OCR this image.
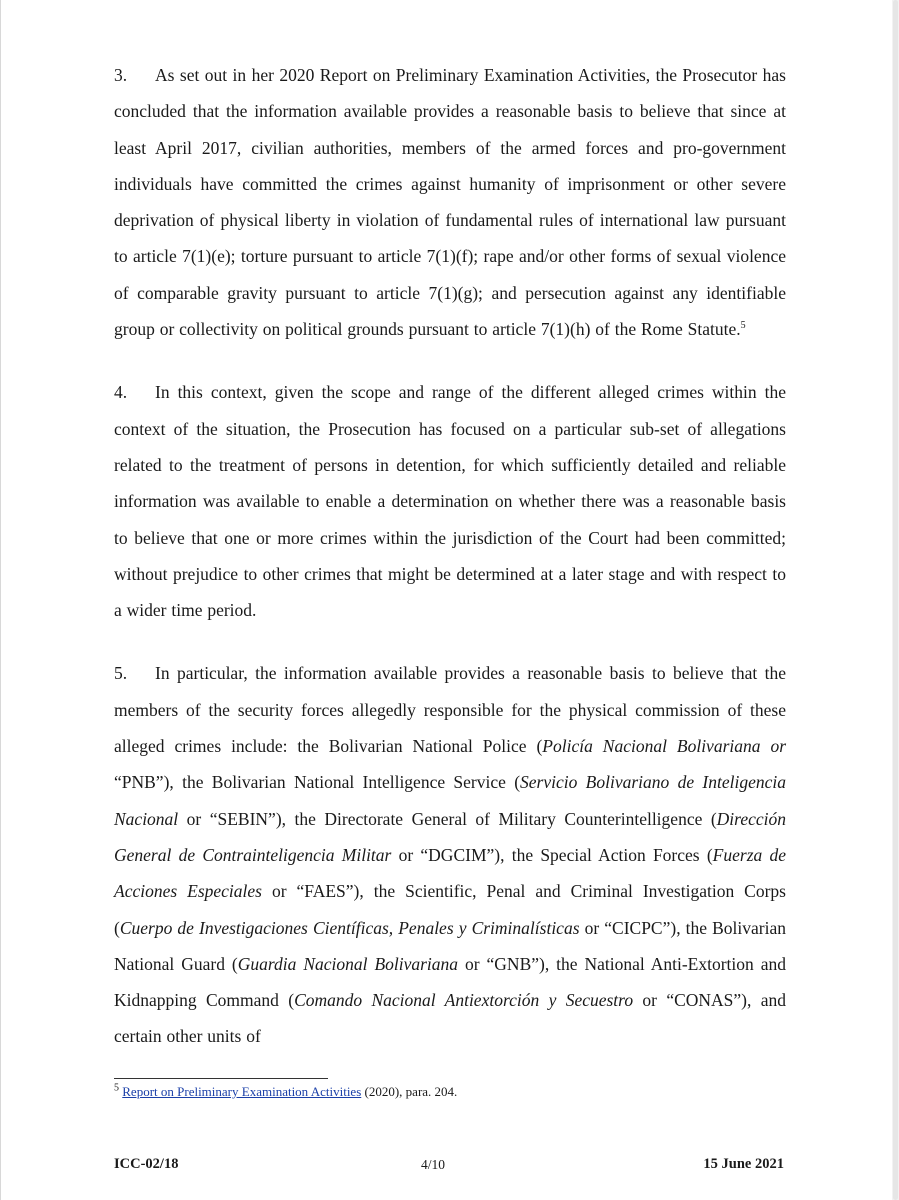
3. As set out in her 2020 Report on Preliminary Examination Activities, the Prosecutor has concluded that the information available provides a reasonable basis to believe that since at least April 2017, civilian authorities, members of the armed forces and pro-government individuals have committed the crimes against humanity of imprisonment or other severe deprivation of physical liberty in violation of fundamental rules of international law pursuant to article 7(1)(e); torture pursuant to article 7(1)(f); rape and/or other forms of sexual violence of comparable gravity pursuant to article 7(1)(g); and persecution against any identifiable group or collectivity on political grounds pursuant to article 7(1)(h) of the Rome Statute.$^5$

4. In this context, given the scope and range of the different alleged crimes within the context of the situation, the Prosecution has focused on a particular sub-set of allegations related to the treatment of persons in detention, for which sufficiently detailed and reliable information was available to enable a determination on whether there was a reasonable basis to believe that one or more crimes within the jurisdiction of the Court had been committed; without prejudice to other crimes that might be determined at a later stage and with respect to a wider time period.

5. In particular, the information available provides a reasonable basis to believe that the members of the security forces allegedly responsible for the physical commission of these alleged crimes include: the Bolivarian National Police (Policía Nacional Bolivariana or “PNB”), the Bolivarian National Intelligence Service (Servicio Bolivariano de Inteligencia Nacional or “SEBIN”), the Directorate General of Military Counterintelligence (Dirección General de Contrainteligencia Militar or “DGCIM”), the Special Action Forces (Fuerza de Acciones Especiales or “FAES”), the Scientific, Penal and Criminal Investigation Corps (Cuerpo de Investigaciones Científicas, Penales y Criminalísticas or “CICPC”), the Bolivarian National Guard (Guardia Nacional Bolivariana or “GNB”), the National Anti-Extortion and Kidnapping Command (Comando Nacional Antiextorción y Secuestro or “CONAS”), and certain other units of

$^5$ Report on Preliminary Examination Activities (2020), para. 204.
ICC-02/18	4/10	15 June 2021
